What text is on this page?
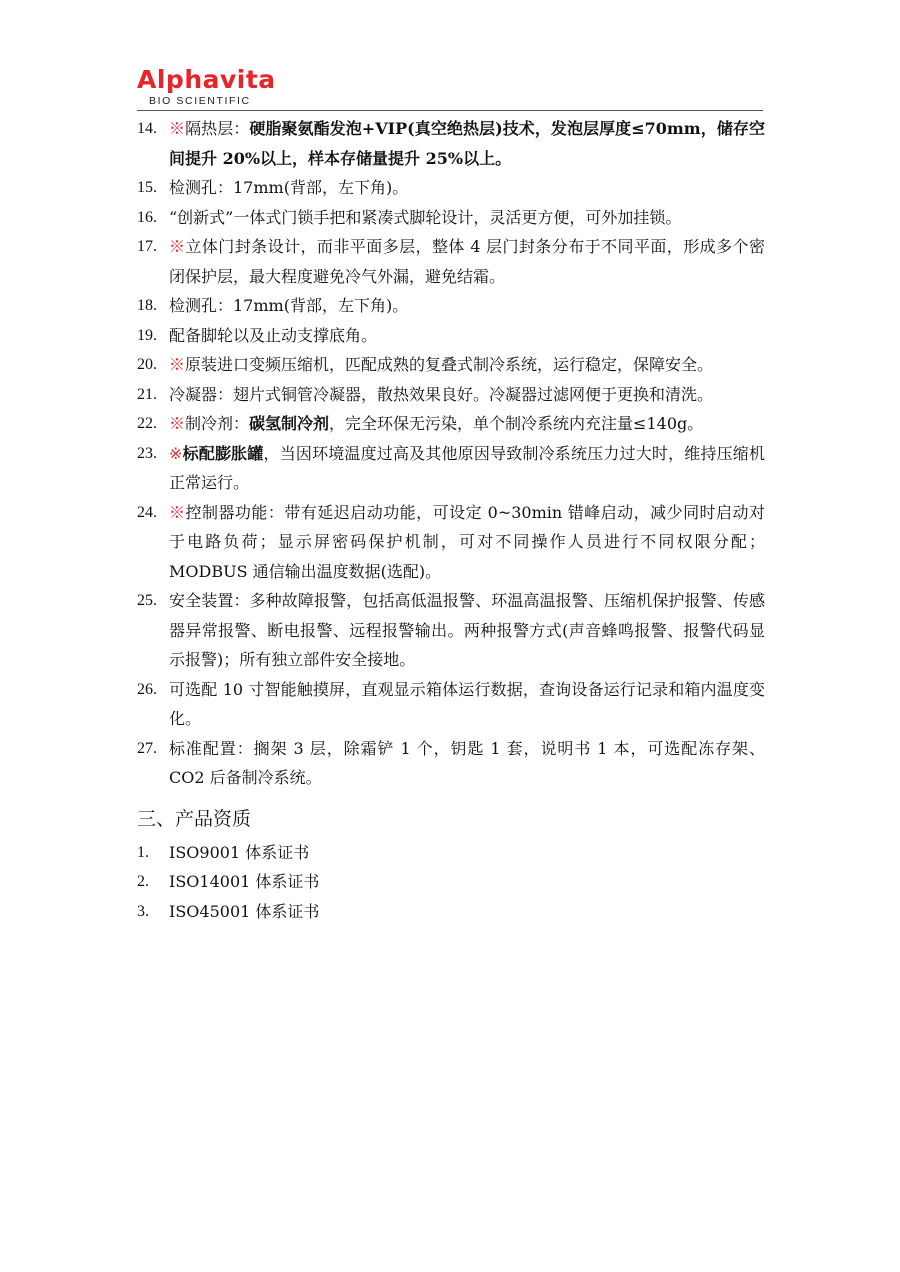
Alphavita
BIO SCIENTIFIC
14. ※隔热层：硬脂聚氨酯发泡+VIP(真空绝热层)技术，发泡层厚度≤70mm，储存空间提升 20%以上，样本存储量提升 25%以上。
15. 检测孔：17mm(背部，左下角)。
16. “创新式”一体式门锁手把和紧凑式脚轮设计，灵活更方便，可外加挂锁。
17. ※立体门封条设计，而非平面多层，整体 4 层门封条分布于不同平面，形成多个密闭保护层，最大程度避免冷气外漏，避免结霜。
18. 检测孔：17mm(背部，左下角)。
19. 配备脚轮以及止动支撑底角。
20. ※原装进口变频压缩机，匹配成熟的复叠式制冷系统，运行稳定，保障安全。
21. 冷凝器：翅片式铜管冷凝器，散热效果良好。冷凝器过滤网便于更换和清洗。
22. ※制冷剂：碳氢制冷剂，完全环保无污染，单个制冷系统内充注量≤140g。
23. ※标配膨胀罐，当因环境温度过高及其他原因导致制冷系统压力过大时，维持压缩机正常运行。
24. ※控制器功能：带有延迟启动功能，可设定 0~30min 错峰启动，减少同时启动对于电路负荷；显示屏密码保护机制，可对不同操作人员进行不同权限分配；MODBUS 通信输出温度数据(选配)。
25. 安全装置：多种故障报警，包括高低温报警、环温高温报警、压缩机保护报警、传感器异常报警、断电报警、远程报警输出。两种报警方式(声音蜂鸣报警、报警代码显示报警)；所有独立部件安全接地。
26. 可选配 10 寸智能触摸屏，直观显示箱体运行数据，查询设备运行记录和箱内温度变化。
27. 标准配置：搁架 3 层，除霜铲 1 个，钥匙 1 套，说明书 1 本，可选配冻存架、CO2 后备制冷系统。
三、产品资质
1.	ISO9001 体系证书
2.	ISO14001 体系证书
3.	ISO45001 体系证书
